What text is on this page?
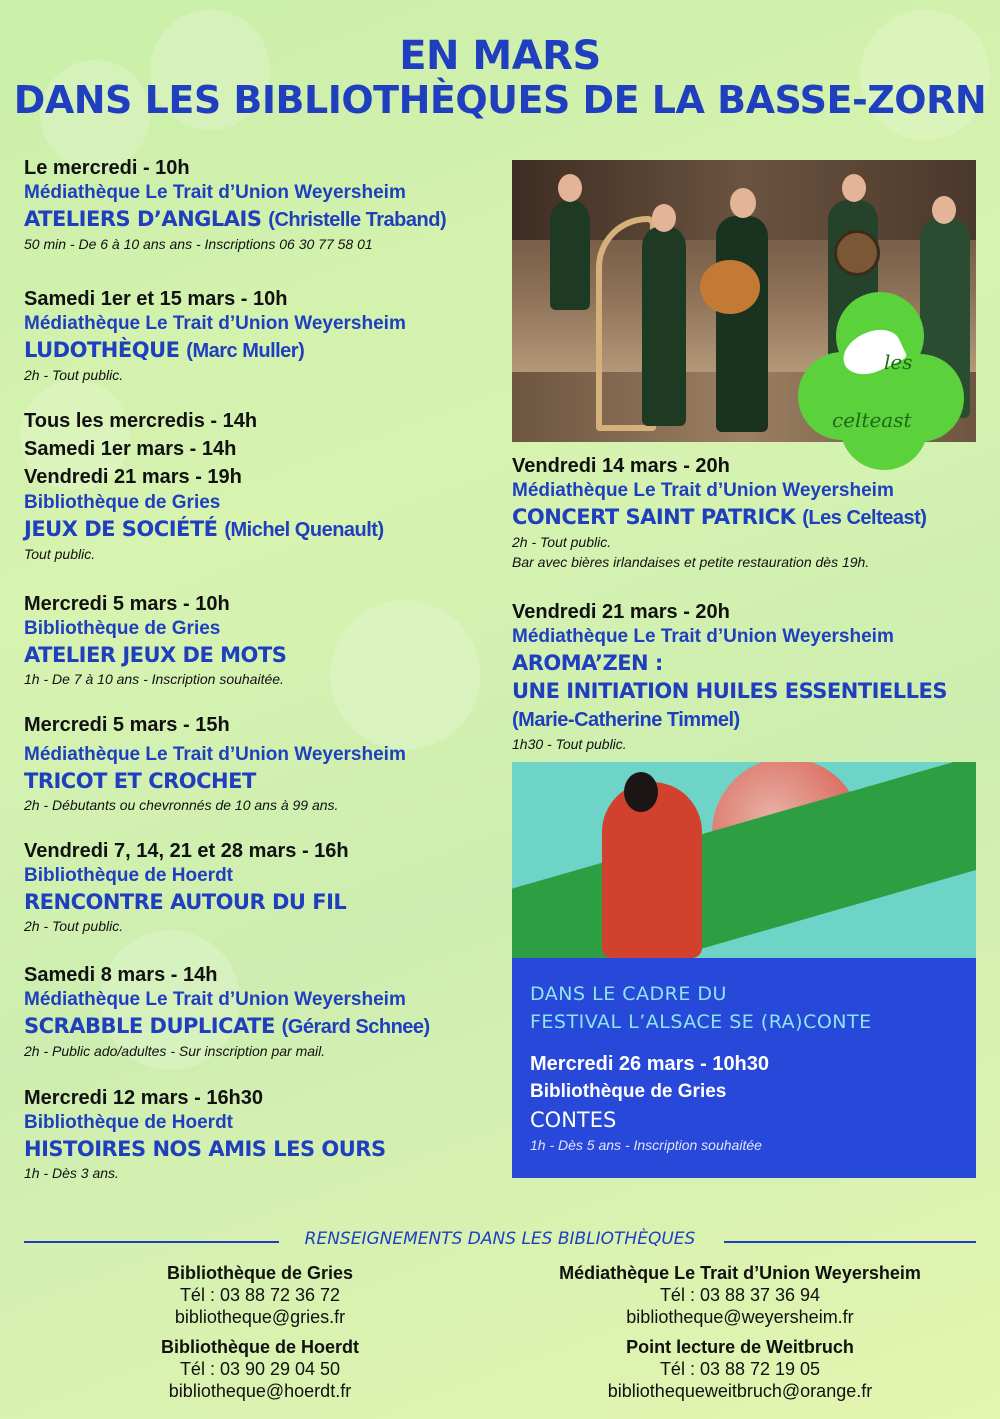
EN MARS
DANS LES BIBLIOTHÈQUES DE LA BASSE-ZORN
Le mercredi - 10h
Médiathèque Le Trait d’Union Weyersheim
ATELIERS D’ANGLAIS (Christelle Traband)
50 min - De 6 à 10 ans ans - Inscriptions 06 30 77 58 01
Samedi 1er et 15 mars - 10h
Médiathèque Le Trait d’Union Weyersheim
LUDOTHÈQUE (Marc Muller)
2h - Tout public.
Tous les mercredis - 14h
Samedi 1er mars - 14h
Vendredi 21 mars - 19h
Bibliothèque de Gries
JEUX DE SOCIÉTÉ (Michel Quenault)
Tout public.
Mercredi 5 mars - 10h
Bibliothèque de Gries
ATELIER JEUX DE MOTS
1h - De 7 à 10 ans - Inscription souhaitée.
Mercredi 5 mars - 15h
Médiathèque Le Trait d’Union Weyersheim
TRICOT ET CROCHET
2h - Débutants ou chevronnés de 10 ans à 99 ans.
Vendredi 7, 14, 21 et 28 mars - 16h
Bibliothèque de Hoerdt
RENCONTRE AUTOUR DU FIL
2h - Tout public.
Samedi 8 mars - 14h
Médiathèque Le Trait d’Union Weyersheim
SCRABBLE DUPLICATE (Gérard Schnee)
2h - Public ado/adultes - Sur inscription par mail.
Mercredi 12 mars - 16h30
Bibliothèque de Hoerdt
HISTOIRES NOS AMIS LES OURS
1h - Dès 3 ans.
les
celteast
Vendredi 14 mars - 20h
Médiathèque Le Trait d’Union Weyersheim
CONCERT SAINT PATRICK (Les Celteast)
2h - Tout public.
Bar avec bières irlandaises et petite restauration dès 19h.
Vendredi 21 mars - 20h
Médiathèque Le Trait d’Union Weyersheim
AROMA’ZEN :
UNE INITIATION HUILES ESSENTIELLES
(Marie-Catherine Timmel)
1h30 - Tout public.
DANS LE CADRE DU
FESTIVAL L’ALSACE SE (RA)CONTE
Mercredi 26 mars - 10h30
Bibliothèque de Gries
CONTES
1h - Dès 5 ans - Inscription souhaitée
RENSEIGNEMENTS DANS LES BIBLIOTHÈQUES
Bibliothèque de Gries
Tél : 03 88 72 36 72
bibliotheque@gries.fr
Médiathèque Le Trait d’Union Weyersheim
Tél : 03 88 37 36 94
bibliotheque@weyersheim.fr
Bibliothèque de Hoerdt
Tél : 03 90 29 04 50
bibliotheque@hoerdt.fr
Point lecture de Weitbruch
Tél : 03 88 72 19 05
bibliothequeweitbruch@orange.fr
